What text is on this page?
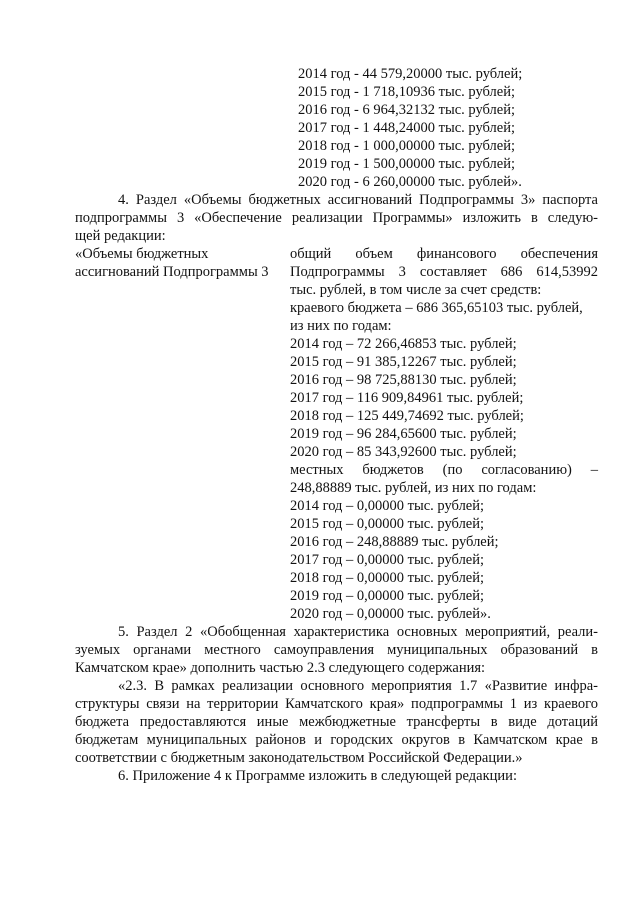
2014 год - 44 579,20000 тыс. рублей;
2015 год - 1 718,10936 тыс. рублей;
2016 год - 6 964,32132 тыс. рублей;
2017 год - 1 448,24000 тыс. рублей;
2018 год - 1 000,00000 тыс. рублей;
2019 год - 1 500,00000 тыс. рублей;
2020 год - 6 260,00000 тыс. рублей».
4. Раздел «Объемы бюджетных ассигнований Подпрограммы 3» паспорта
подпрограммы 3 «Обеспечение реализации Программы» изложить в следую-
щей редакции:
«Объемы бюджетных
ассигнований Подпрограммы 3
общий объем финансового обеспечения
Подпрограммы 3 составляет 686 614,53992
тыс. рублей, в том числе за счет средств:
краевого бюджета – 686 365,65103 тыс. рублей,
из них по годам:
2014 год – 72 266,46853 тыс. рублей;
2015 год – 91 385,12267 тыс. рублей;
2016 год – 98 725,88130 тыс. рублей;
2017 год – 116 909,84961 тыс. рублей;
2018 год – 125 449,74692 тыс. рублей;
2019 год – 96 284,65600 тыс. рублей;
2020 год – 85 343,92600 тыс. рублей;
местных бюджетов (по согласованию) –
248,88889 тыс. рублей, из них по годам:
2014 год – 0,00000 тыс. рублей;
2015 год – 0,00000 тыс. рублей;
2016 год – 248,88889 тыс. рублей;
2017 год – 0,00000 тыс. рублей;
2018 год – 0,00000 тыс. рублей;
2019 год – 0,00000 тыс. рублей;
2020 год – 0,00000 тыс. рублей».
5. Раздел 2 «Обобщенная характеристика основных мероприятий, реали-
зуемых органами местного самоуправления муниципальных образований в
Камчатском крае» дополнить частью 2.3 следующего содержания:
«2.3. В рамках реализации основного мероприятия 1.7 «Развитие инфра-
структуры связи на территории Камчатского края» подпрограммы 1 из краевого
бюджета предоставляются иные межбюджетные трансферты в виде дотаций
бюджетам муниципальных районов и городских округов в Камчатском крае в
соответствии с бюджетным законодательством Российской Федерации.»
6. Приложение 4 к Программе изложить в следующей редакции:
